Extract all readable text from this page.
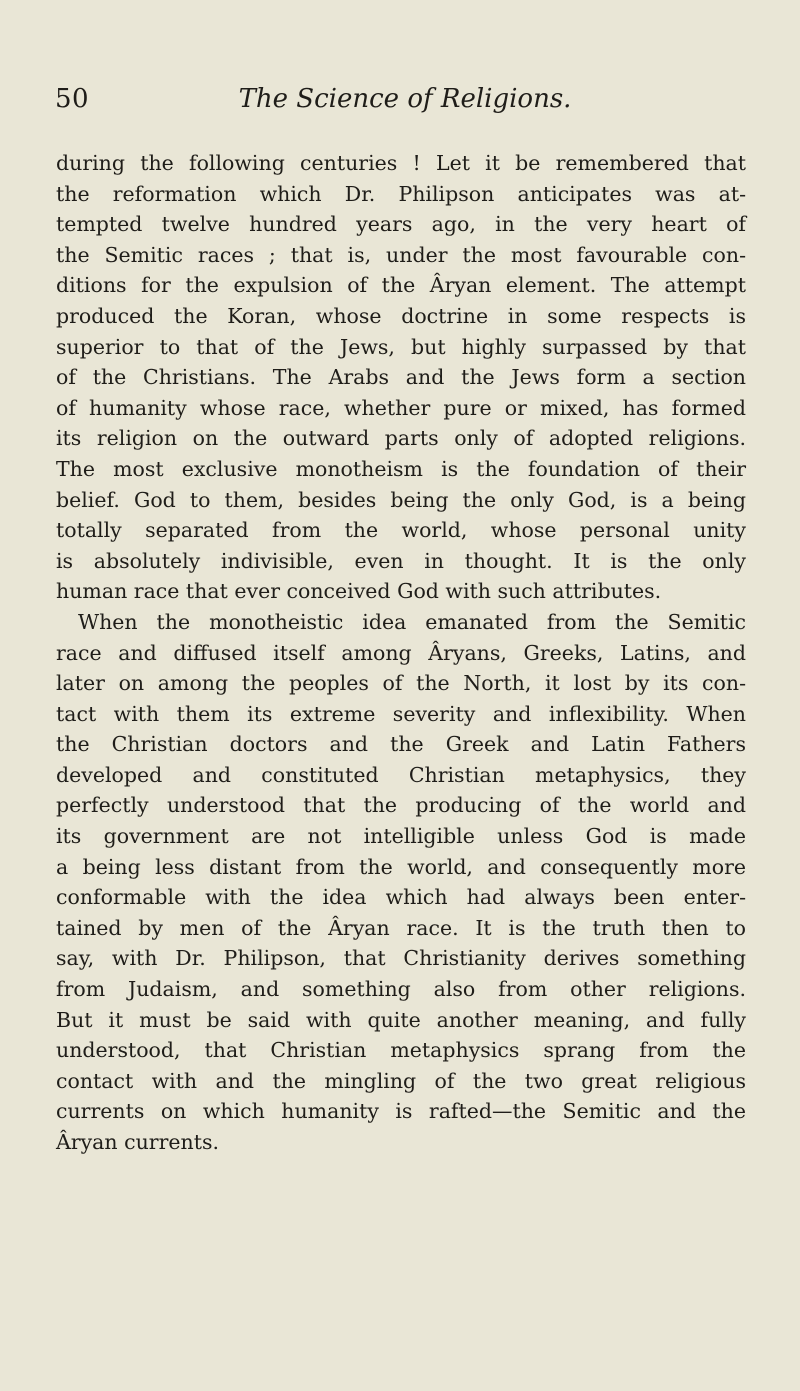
50	The Science of Religions.
during the following centuries ! Let it be remembered that
the reformation which Dr. Philipson anticipates was at-
tempted twelve hundred years ago, in the very heart of
the Semitic races ; that is, under the most favourable con-
ditions for the expulsion of the Âryan element. The attempt
produced the Koran, whose doctrine in some respects is
superior to that of the Jews, but highly surpassed by that
of the Christians. The Arabs and the Jews form a section
of humanity whose race, whether pure or mixed, has formed
its religion on the outward parts only of adopted religions.
The most exclusive monotheism is the foundation of their
belief. God to them, besides being the only God, is a being
totally separated from the world, whose personal unity
is absolutely indivisible, even in thought. It is the only
human race that ever conceived God with such attributes.
When the monotheistic idea emanated from the Semitic
race and diffused itself among Âryans, Greeks, Latins, and
later on among the peoples of the North, it lost by its con-
tact with them its extreme severity and inflexibility. When
the Christian doctors and the Greek and Latin Fathers
developed and constituted Christian metaphysics, they
perfectly understood that the producing of the world and
its government are not intelligible unless God is made
a being less distant from the world, and consequently more
conformable with the idea which had always been enter-
tained by men of the Âryan race. It is the truth then to
say, with Dr. Philipson, that Christianity derives something
from Judaism, and something also from other religions.
But it must be said with quite another meaning, and fully
understood, that Christian metaphysics sprang from the
contact with and the mingling of the two great religious
currents on which humanity is rafted—the Semitic and the
Âryan currents.
